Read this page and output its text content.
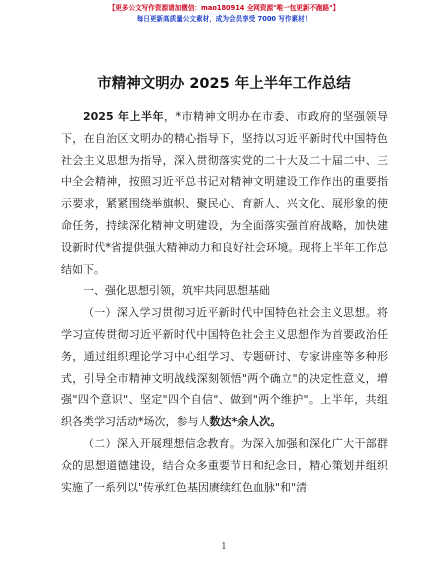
【更多公文写作资源请加微信：mao180914 全网资源"唯一包更新不跑路"】
每日更新高质量公文素材，成为会员享受 7000 写作素材！
市精神文明办 2025 年上半年工作总结

2025 年上半年，*市精神文明办在市委、市政府的坚强领导下，在自治区文明办的精心指导下，坚持以习近平新时代中国特色社会主义思想为指导，深入贯彻落实党的二十大及二十届二中、三中全会精神，按照习近平总书记对精神文明建设工作作出的重要指示要求，紧紧围绕举旗帜、聚民心、育新人、兴文化、展形象的使命任务，持续深化精神文明建设，为全面落实强首府战略，加快建设新时代*省提供强大精神动力和良好社会环境。现将上半年工作总结如下。

一、强化思想引领，筑牢共同思想基础

（一）深入学习贯彻习近平新时代中国特色社会主义思想。将学习宣传贯彻习近平新时代中国特色社会主义思想作为首要政治任务，通过组织理论学习中心组学习、专题研讨、专家讲座等多种形式，引导全市精神文明战线深刻领悟"两个确立"的决定性意义，增强"四个意识"、坚定"四个自信"、做到"两个维护"。上半年，共组织各类学习活动*场次，参与人数达*余人次。

（二）深入开展理想信念教育。为深入加强和深化广大干部群众的思想道德建设，结合众多重要节日和纪念日，精心策划并组织实施了一系列以"传承红色基因赓续红色血脉"和"清

1
